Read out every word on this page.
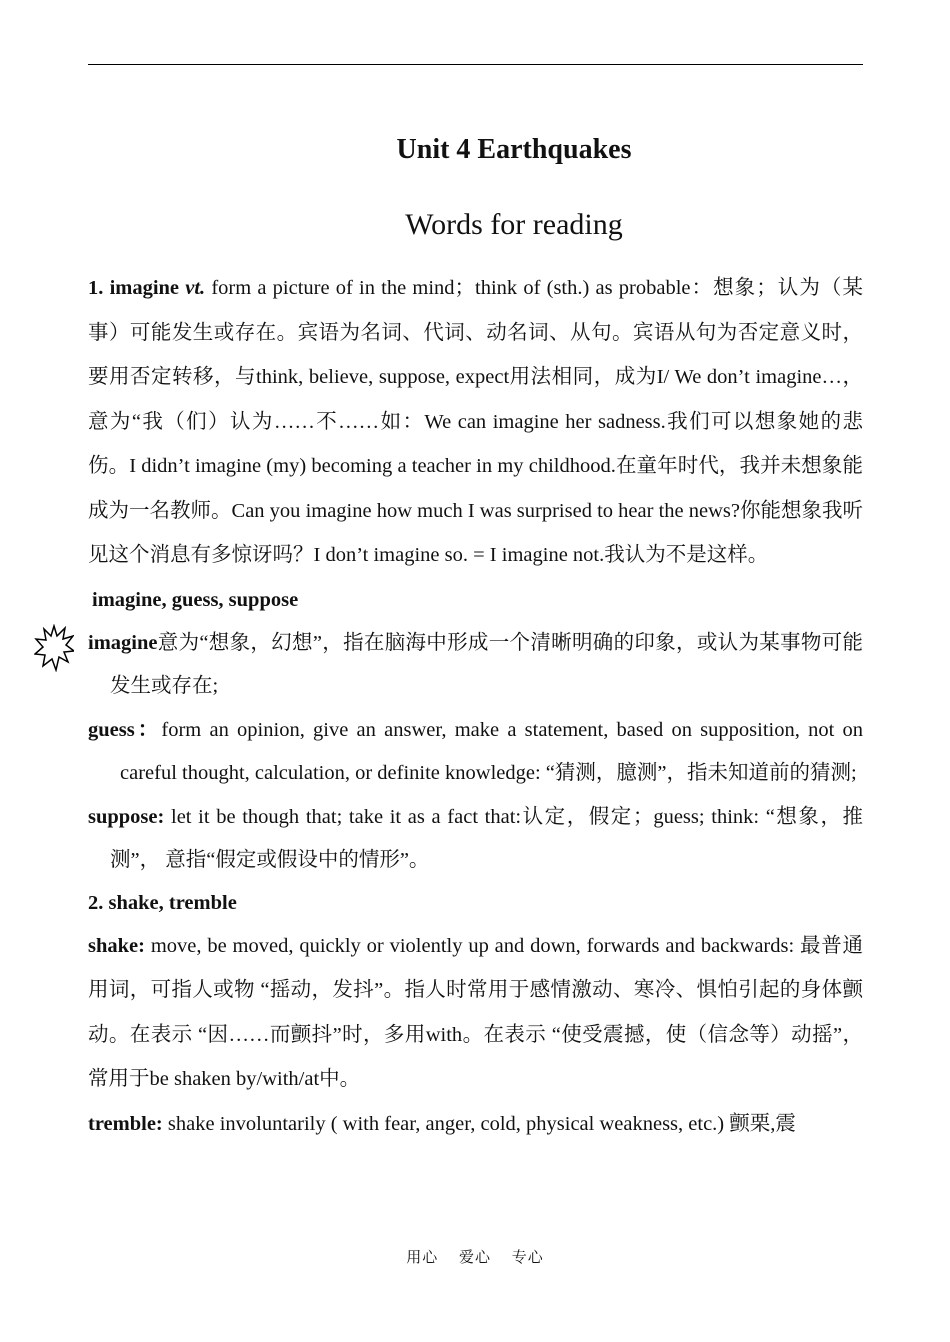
Unit 4 Earthquakes
Words for reading

1. imagine vt. form a picture of in the mind；think of (sth.) as probable：想象；认为（某事）可能发生或存在。宾语为名词、代词、动名词、从句。宾语从句为否定意义时，要用否定转移，与think, believe, suppose, expect用法相同，成为I/ We don’t imagine…，意为“我（们）认为……不……如：We can imagine her sadness.我们可以想象她的悲伤。I didn’t imagine (my) becoming a teacher in my childhood.在童年时代，我并未想象能成为一名教师。Can you imagine how much I was surprised to hear the news?你能想象我听见这个消息有多惊讶吗？I don’t imagine so. = I imagine not.我认为不是这样。

imagine, guess, suppose

imagine意为“想象，幻想”，指在脑海中形成一个清晰明确的印象，或认为某事物可能发生或存在;

guess：form an opinion, give an answer, make a statement, based on supposition, not on careful thought, calculation, or definite knowledge: “猜测，臆测”，指未知道前的猜测;

suppose: let it be though that; take it as a fact that:认定，假定；guess; think: “想象，推测”， 意指“假定或假设中的情形”。

2. shake, tremble

shake: move, be moved, quickly or violently up and down, forwards and backwards: 最普通用词，可指人或物 “摇动，发抖”。指人时常用于感情激动、寒冷、惧怕引起的身体颤动。在表示 “因……而颤抖”时，多用with。在表示 “使受震撼，使（信念等）动摇”，常用于be shaken by/with/at中。

tremble: shake involuntarily ( with fear, anger, cold, physical weakness, etc.) 颤栗,震

用心 爱心 专心
